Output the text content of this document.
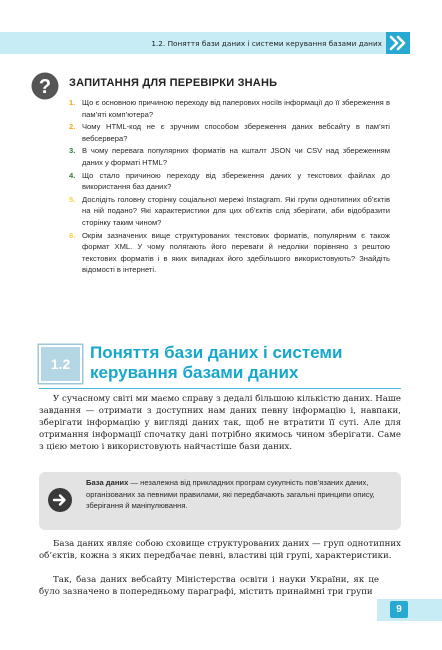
1.2. Поняття бази даних і системи керування базами даних
? ЗАПИТАННЯ ДЛЯ ПЕРЕВІРКИ ЗНАНЬ
1. Що є основною причиною переходу від паперових носіїв інформації до її збереження в пам’яті комп’ютера?
2. Чому HTML-код не є зручним способом збереження даних вебсайту в пам’яті вебсервера?
3. В чому перевага популярних форматів на кшталт JSON чи CSV над збереженням даних у форматі HTML?
4. Що стало причиною переходу від збереження даних у текстових файлах до використання баз даних?
5. Дослідіть головну сторінку соціальної мережі Instagram. Які групи однотипних об’єктів на ній подано? Які характеристики для цих об’єктів слід зберігати, аби відобразити сторінку таким чином?
6. Окрім зазначених вище структурованих текстових форматів, популярним є також формат XML. У чому полягають його переваги й недоліки порівняно з рештою текстових форматів і в яких випадках його здебільшого використовують? Знайдіть відомості в інтернеті.
1.2
Поняття бази даних і системи керування базами даних

У сучасному світі ми маємо справу з дедалі більшою кількістю даних. Наше завдання — отримати з доступних нам даних певну інформацію і, навпаки, зберігати інформацію у вигляді даних так, щоб не втратити її суті. Але для отримання інформації спочатку дані потрібно якимось чином зберігати. Саме з цією метою і використовують найчастіше бази даних.

База даних — незалежна від прикладних програм сукупність пов’язаних даних, організованих за певними правилами, які передбачають загальні принципи опису, зберігання й маніпулювання.

База даних являє собою сховище структурованих даних — груп однотипних об’єктів, кожна з яких передбачає певні, властиві цій групі, характеристики.

Так, база даних вебсайту Міністерства освіти і науки України, як це було зазначено в попередньому параграфі, містить принаймні три групи

9
